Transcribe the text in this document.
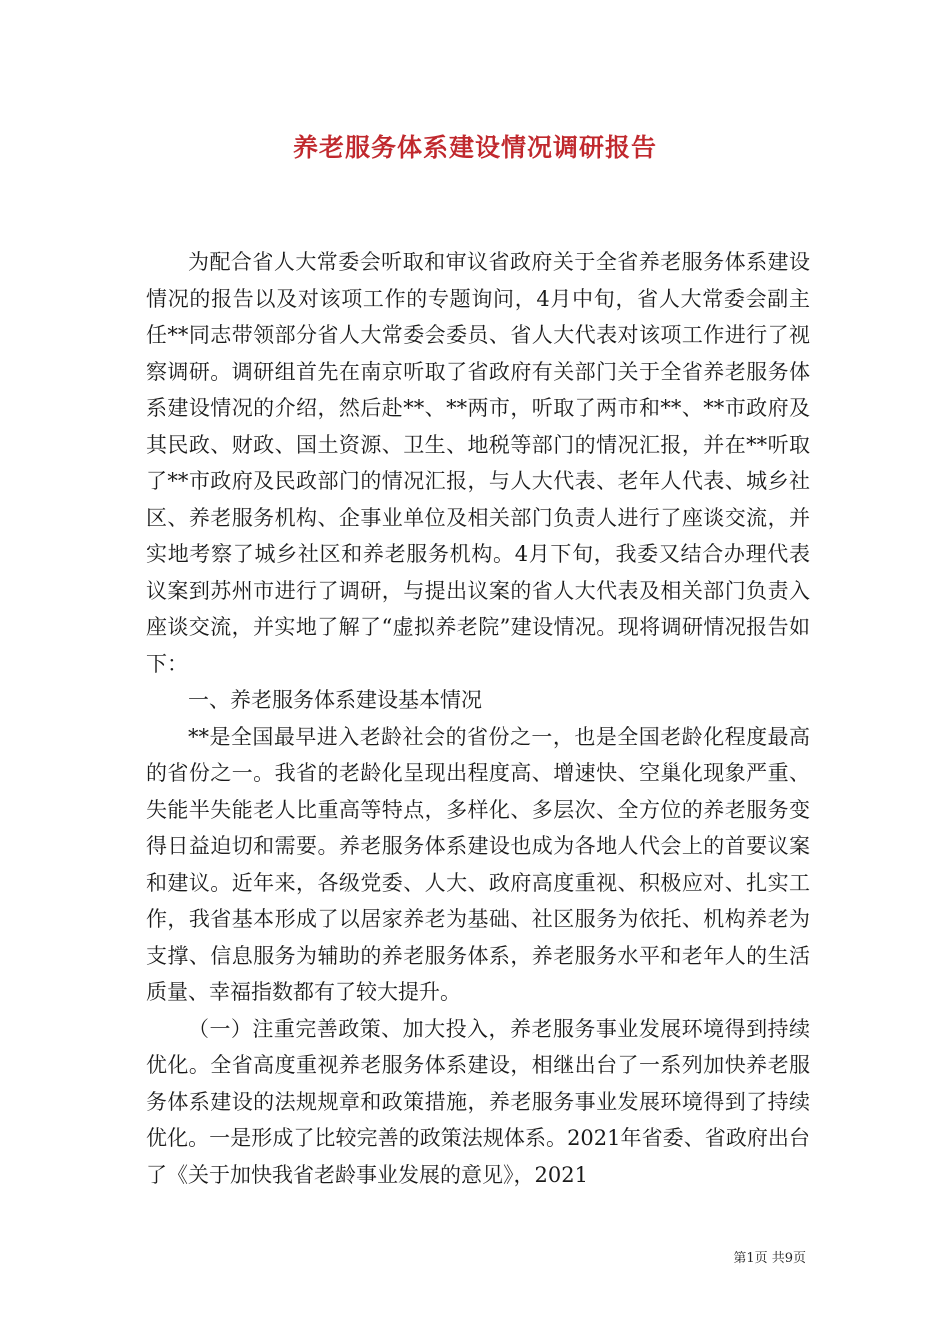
养老服务体系建设情况调研报告

为配合省人大常委会听取和审议省政府关于全省养老服务体系建设情况的报告以及对该项工作的专题询问，4月中旬，省人大常委会副主任**同志带领部分省人大常委会委员、省人大代表对该项工作进行了视察调研。调研组首先在南京听取了省政府有关部门关于全省养老服务体系建设情况的介绍，然后赴**、**两市，听取了两市和**、**市政府及其民政、财政、国土资源、卫生、地税等部门的情况汇报，并在**听取了**市政府及民政部门的情况汇报，与人大代表、老年人代表、城乡社区、养老服务机构、企事业单位及相关部门负责人进行了座谈交流，并实地考察了城乡社区和养老服务机构。4月下旬，我委又结合办理代表议案到苏州市进行了调研，与提出议案的省人大代表及相关部门负责入座谈交流，并实地了解了“虚拟养老院”建设情况。现将调研情况报告如下：

一、养老服务体系建设基本情况

**是全国最早进入老龄社会的省份之一，也是全国老龄化程度最高的省份之一。我省的老龄化呈现出程度高、增速快、空巢化现象严重、失能半失能老人比重高等特点，多样化、多层次、全方位的养老服务变得日益迫切和需要。养老服务体系建设也成为各地人代会上的首要议案和建议。近年来，各级党委、人大、政府高度重视、积极应对、扎实工作，我省基本形成了以居家养老为基础、社区服务为依托、机构养老为支撑、信息服务为辅助的养老服务体系，养老服务水平和老年人的生活质量、幸福指数都有了较大提升。

（一）注重完善政策、加大投入，养老服务事业发展环境得到持续优化。全省高度重视养老服务体系建设，相继出台了一系列加快养老服务体系建设的法规规章和政策措施，养老服务事业发展环境得到了持续优化。一是形成了比较完善的政策法规体系。2021年省委、省政府出台了《关于加快我省老龄事业发展的意见》，2021

第1页 共9页
